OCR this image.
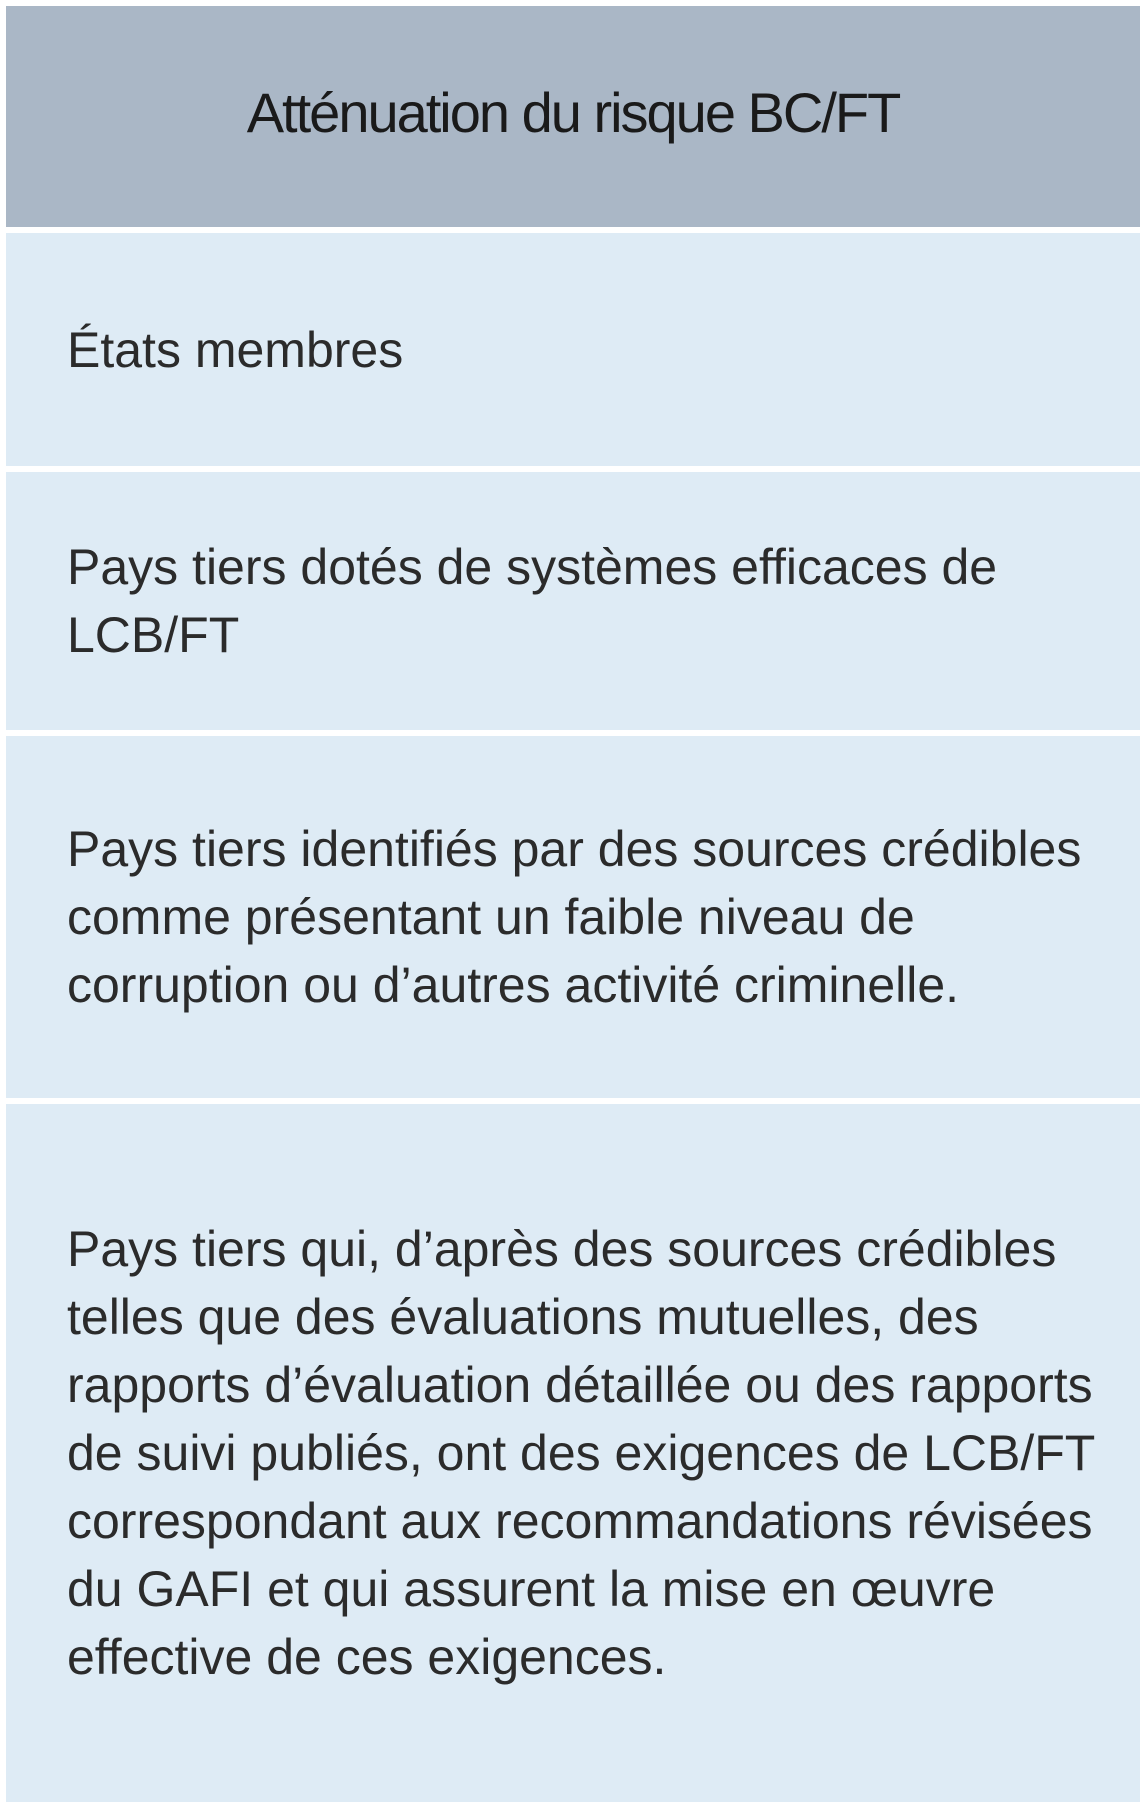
Atténuation du risque BC/FT

États membres

Pays tiers dotés de systèmes efficaces de LCB/FT

Pays tiers identifiés par des sources crédibles comme présentant un faible niveau de corruption ou d’autres activité criminelle.

Pays tiers qui, d’après des sources crédibles telles que des évaluations mutuelles, des rapports d’évaluation détaillée ou des rapports de suivi publiés, ont des exigences de LCB/FT correspondant aux recommandations révisées du GAFI et qui assurent la mise en œuvre effective de ces exigences.
